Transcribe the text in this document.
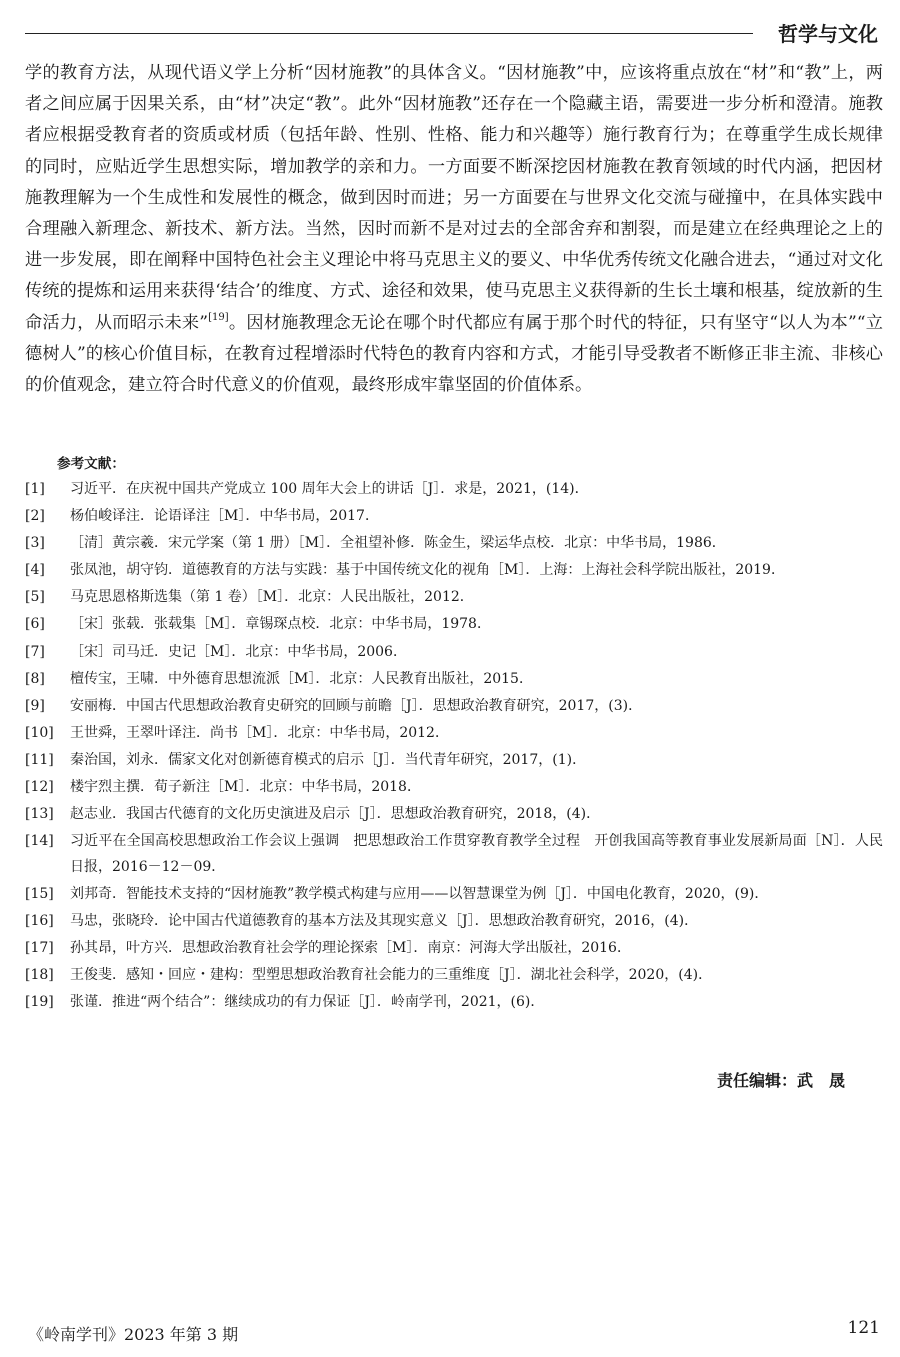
哲学与文化

学的教育方法，从现代语义学上分析“因材施教”的具体含义。“因材施教”中，应该将重点放在“材”和“教”上，两者之间应属于因果关系，由“材”决定“教”。此外“因材施教”还存在一个隐藏主语，需要进一步分析和澄清。施教者应根据受教育者的资质或材质（包括年龄、性别、性格、能力和兴趣等）施行教育行为；在尊重学生成长规律的同时，应贴近学生思想实际，增加教学的亲和力。一方面要不断深挖因材施教在教育领域的时代内涵，把因材施教理解为一个生成性和发展性的概念，做到因时而进；另一方面要在与世界文化交流与碰撞中，在具体实践中合理融入新理念、新技术、新方法。当然，因时而新不是对过去的全部舍弃和割裂，而是建立在经典理论之上的进一步发展，即在阐释中国特色社会主义理论中将马克思主义的要义、中华优秀传统文化融合进去，“通过对文化传统的提炼和运用来获得‘结合’的维度、方式、途径和效果，使马克思主义获得新的生长土壤和根基，绽放新的生命活力，从而昭示未来”[19]。因材施教理念无论在哪个时代都应有属于那个时代的特征，只有坚守“以人为本”“立德树人”的核心价值目标，在教育过程增添时代特色的教育内容和方式，才能引导受教者不断修正非主流、非核心的价值观念，建立符合时代意义的价值观，最终形成牢靠坚固的价值体系。

参考文献：
[1]	习近平．在庆祝中国共产党成立 100 周年大会上的讲话［J］．求是，2021，(14)．
[2]	杨伯峻译注．论语译注［M］．中华书局，2017．
[3]	［清］黄宗羲．宋元学案（第 1 册）［M］．全祖望补修．陈金生，梁运华点校．北京：中华书局，1986．
[4]	张凤池，胡守钧．道德教育的方法与实践：基于中国传统文化的视角［M］．上海：上海社会科学院出版社，2019．
[5]	马克思恩格斯选集（第 1 卷）［M］．北京：人民出版社，2012．
[6]	［宋］张载．张载集［M］．章锡琛点校．北京：中华书局，1978．
[7]	［宋］司马迁．史记［M］．北京：中华书局，2006．
[8]	檀传宝，王啸．中外德育思想流派［M］．北京：人民教育出版社，2015．
[9]	安丽梅．中国古代思想政治教育史研究的回顾与前瞻［J］．思想政治教育研究，2017，(3)．
[10]	王世舜，王翠叶译注．尚书［M］．北京：中华书局，2012．
[11]	秦治国，刘永．儒家文化对创新德育模式的启示［J］．当代青年研究，2017，(1)．
[12]	楼宇烈主撰．荀子新注［M］．北京：中华书局，2018．
[13]	赵志业．我国古代德育的文化历史演进及启示［J］．思想政治教育研究，2018，(4)．
[14]	习近平在全国高校思想政治工作会议上强调　把思想政治工作贯穿教育教学全过程　开创我国高等教育事业发展新局面［N］．人民日报，2016－12－09．
[15]	刘邦奇．智能技术支持的“因材施教”教学模式构建与应用——以智慧课堂为例［J］．中国电化教育，2020，(9)．
[16]	马忠，张晓玲．论中国古代道德教育的基本方法及其现实意义［J］．思想政治教育研究，2016，(4)．
[17]	孙其昂，叶方兴．思想政治教育社会学的理论探索［M］．南京：河海大学出版社，2016．
[18]	王俊斐．感知・回应・建构：型塑思想政治教育社会能力的三重维度［J］．湖北社会科学，2020，(4)．
[19]	张谨．推进“两个结合”：继续成功的有力保证［J］．岭南学刊，2021，(6)．
责任编辑：武　晟
《岭南学刊》2023 年第 3 期	121
